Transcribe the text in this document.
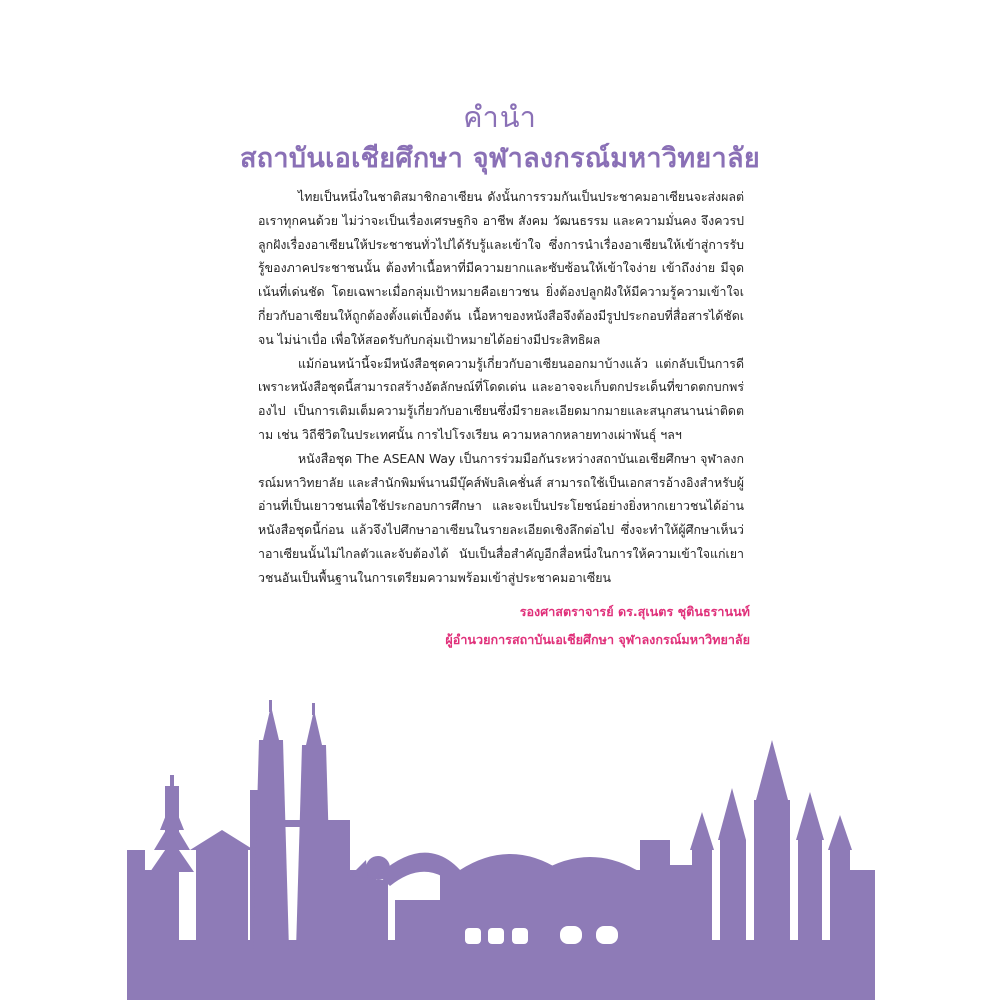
คำนำ
สถาบันเอเชียศึกษา จุฬาลงกรณ์มหาวิทยาลัย

ไทยเป็นหนึ่งในชาติสมาชิกอาเซียน ดังนั้นการรวมกันเป็นประชาคมอาเซียนจะส่งผลต่อเราทุกคนด้วย ไม่ว่าจะเป็นเรื่องเศรษฐกิจ อาชีพ สังคม วัฒนธรรม และความมั่นคง จึงควรปลูกฝังเรื่องอาเซียนให้ประชาชนทั่วไปได้รับรู้และเข้าใจ ซึ่งการนำเรื่องอาเซียนให้เข้าสู่การรับรู้ของภาคประชาชนนั้น ต้องทำเนื้อหาที่มีความยากและซับซ้อนให้เข้าใจง่าย เข้าถึงง่าย มีจุดเน้นที่เด่นชัด โดยเฉพาะเมื่อกลุ่มเป้าหมายคือเยาวชน ยิ่งต้องปลูกฝังให้มีความรู้ความเข้าใจเกี่ยวกับอาเซียนให้ถูกต้องตั้งแต่เบื้องต้น เนื้อหาของหนังสือจึงต้องมีรูปประกอบที่สื่อสารได้ชัดเจน ไม่น่าเบื่อ เพื่อให้สอดรับกับกลุ่มเป้าหมายได้อย่างมีประสิทธิผล

แม้ก่อนหน้านี้จะมีหนังสือชุดความรู้เกี่ยวกับอาเซียนออกมาบ้างแล้ว แต่กลับเป็นการดีเพราะหนังสือชุดนี้สามารถสร้างอัตลักษณ์ที่โดดเด่น และอาจจะเก็บตกประเด็นที่ขาดตกบกพร่องไป เป็นการเติมเต็มความรู้เกี่ยวกับอาเซียนซึ่งมีรายละเอียดมากมายและสนุกสนานน่าติดตาม เช่น วิถีชีวิตในประเทศนั้น การไปโรงเรียน ความหลากหลายทางเผ่าพันธุ์ ฯลฯ

หนังสือชุด The ASEAN Way เป็นการร่วมมือกันระหว่างสถาบันเอเชียศึกษา จุฬาลงกรณ์มหาวิทยาลัย และสำนักพิมพ์นานมีบุ๊คส์พับลิเคชั่นส์ สามารถใช้เป็นเอกสารอ้างอิงสำหรับผู้อ่านที่เป็นเยาวชนเพื่อใช้ประกอบการศึกษา และจะเป็นประโยชน์อย่างยิ่งหากเยาวชนได้อ่านหนังสือชุดนี้ก่อน แล้วจึงไปศึกษาอาเซียนในรายละเอียดเชิงลึกต่อไป ซึ่งจะทำให้ผู้ศึกษาเห็นว่าอาเซียนนั้นไม่ไกลตัวและจับต้องได้ นับเป็นสื่อสำคัญอีกสื่อหนึ่งในการให้ความเข้าใจแก่เยาวชนอันเป็นพื้นฐานในการเตรียมความพร้อมเข้าสู่ประชาคมอาเซียน

รองศาสตราจารย์ ดร.สุเนตร ชุตินธรานนท์
ผู้อำนวยการสถาบันเอเชียศึกษา จุฬาลงกรณ์มหาวิทยาลัย
